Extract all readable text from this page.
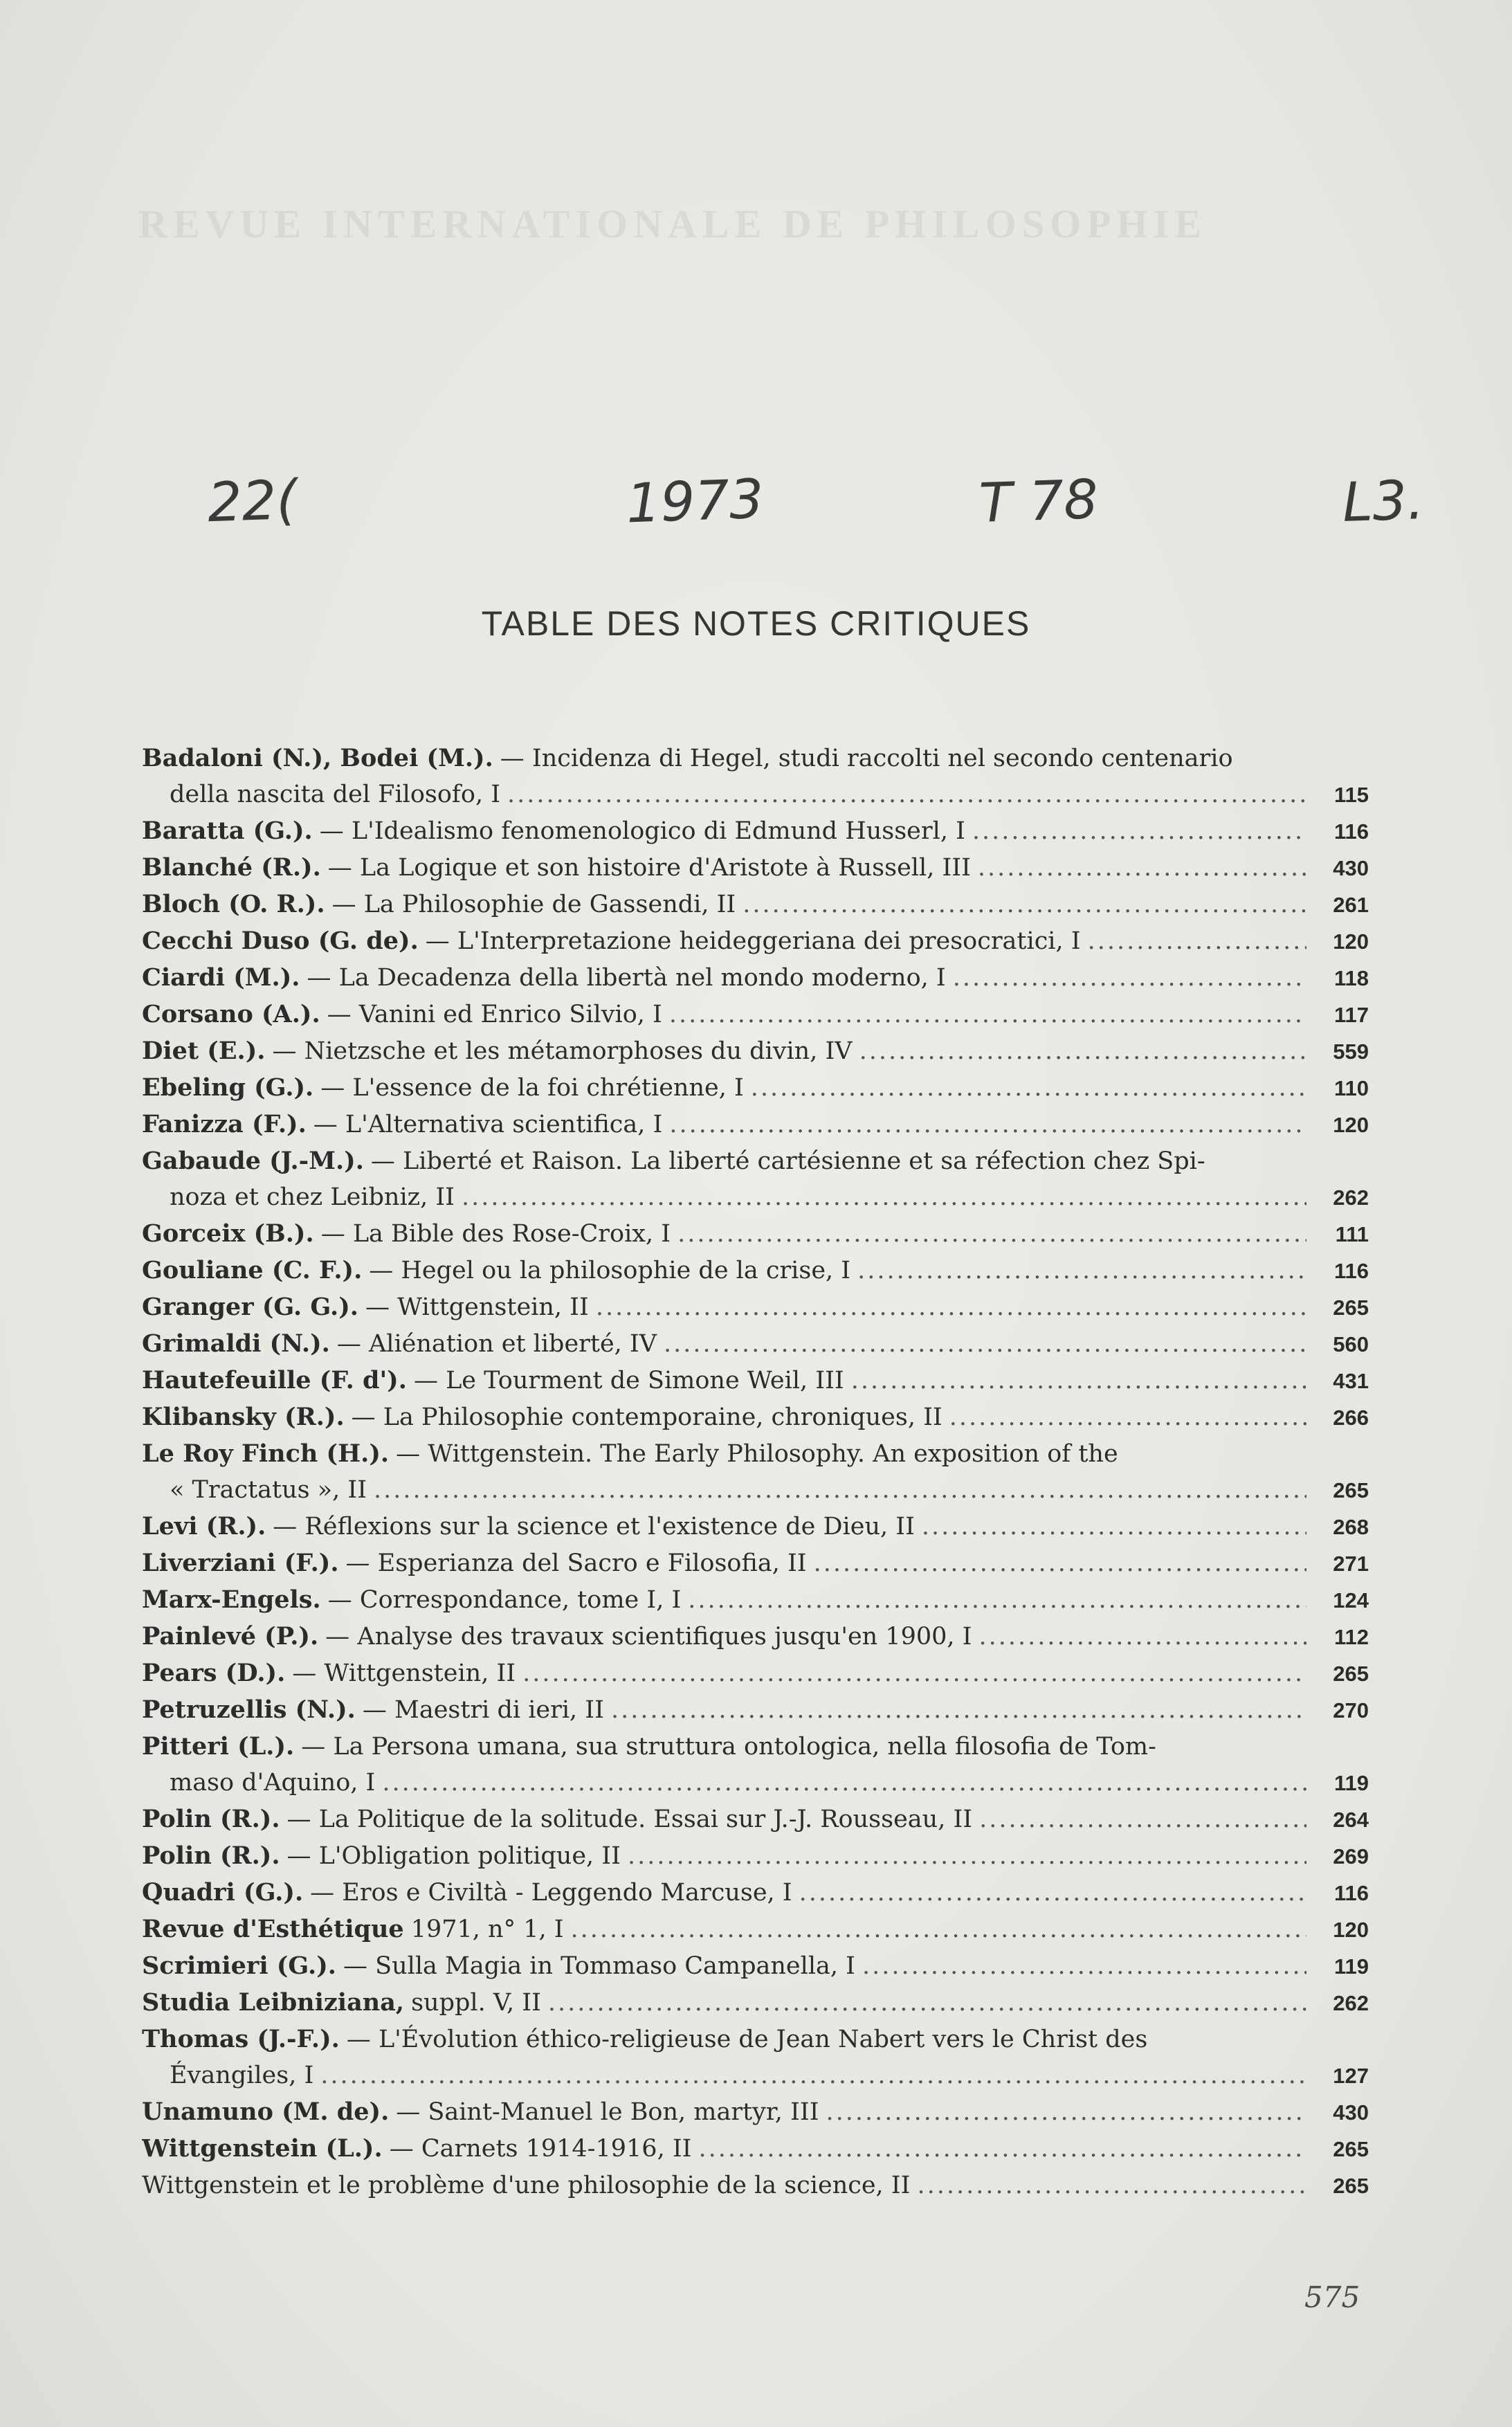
REVUE INTERNATIONALE DE PHILOSOPHIE
22(	1973	T 78	L3.
TABLE DES NOTES CRITIQUES
Badaloni (N.), Bodei (M.). — Incidenza di Hegel, studi raccolti nel secondo centenario
della nascita del Filosofo, I .....	115
Baratta (G.). — L'Idealismo fenomenologico di Edmund Husserl, I .....	116
Blanché (R.). — La Logique et son histoire d'Aristote à Russell, III .....	430
Bloch (O. R.). — La Philosophie de Gassendi, II .....	261
Cecchi Duso (G. de). — L'Interpretazione heideggeriana dei presocratici, I .....	120
Ciardi (M.). — La Decadenza della libertà nel mondo moderno, I .....	118
Corsano (A.). — Vanini ed Enrico Silvio, I .....	117
Diet (E.). — Nietzsche et les métamorphoses du divin, IV .....	559
Ebeling (G.). — L'essence de la foi chrétienne, I .....	110
Fanizza (F.). — L'Alternativa scientifica, I .....	120
Gabaude (J.-M.). — Liberté et Raison. La liberté cartésienne et sa réfection chez Spi-
noza et chez Leibniz, II .....	262
Gorceix (B.). — La Bible des Rose-Croix, I .....	111
Gouliane (C. F.). — Hegel ou la philosophie de la crise, I .....	116
Granger (G. G.). — Wittgenstein, II .....	265
Grimaldi (N.). — Aliénation et liberté, IV .....	560
Hautefeuille (F. d'). — Le Tourment de Simone Weil, III .....	431
Klibansky (R.). — La Philosophie contemporaine, chroniques, II .....	266
Le Roy Finch (H.). — Wittgenstein. The Early Philosophy. An exposition of the
« Tractatus », II .....	265
Levi (R.). — Réflexions sur la science et l'existence de Dieu, II .....	268
Liverziani (F.). — Esperianza del Sacro e Filosofia, II .....	271
Marx-Engels. — Correspondance, tome I, I .....	124
Painlevé (P.). — Analyse des travaux scientifiques jusqu'en 1900, I .....	112
Pears (D.). — Wittgenstein, II .....	265
Petruzellis (N.). — Maestri di ieri, II .....	270
Pitteri (L.). — La Persona umana, sua struttura ontologica, nella filosofia de Tom-
maso d'Aquino, I .....	119
Polin (R.). — La Politique de la solitude. Essai sur J.-J. Rousseau, II .....	264
Polin (R.). — L'Obligation politique, II .....	269
Quadri (G.). — Eros e Civiltà - Leggendo Marcuse, I .....	116
Revue d'Esthétique 1971, n° 1, I .....	120
Scrimieri (G.). — Sulla Magia in Tommaso Campanella, I .....	119
Studia Leibniziana, suppl. V, II .....	262
Thomas (J.-F.). — L'Évolution éthico-religieuse de Jean Nabert vers le Christ des
Évangiles, I .....	127
Unamuno (M. de). — Saint-Manuel le Bon, martyr, III .....	430
Wittgenstein (L.). — Carnets 1914-1916, II .....	265
Wittgenstein et le problème d'une philosophie de la science, II .....	265
575
